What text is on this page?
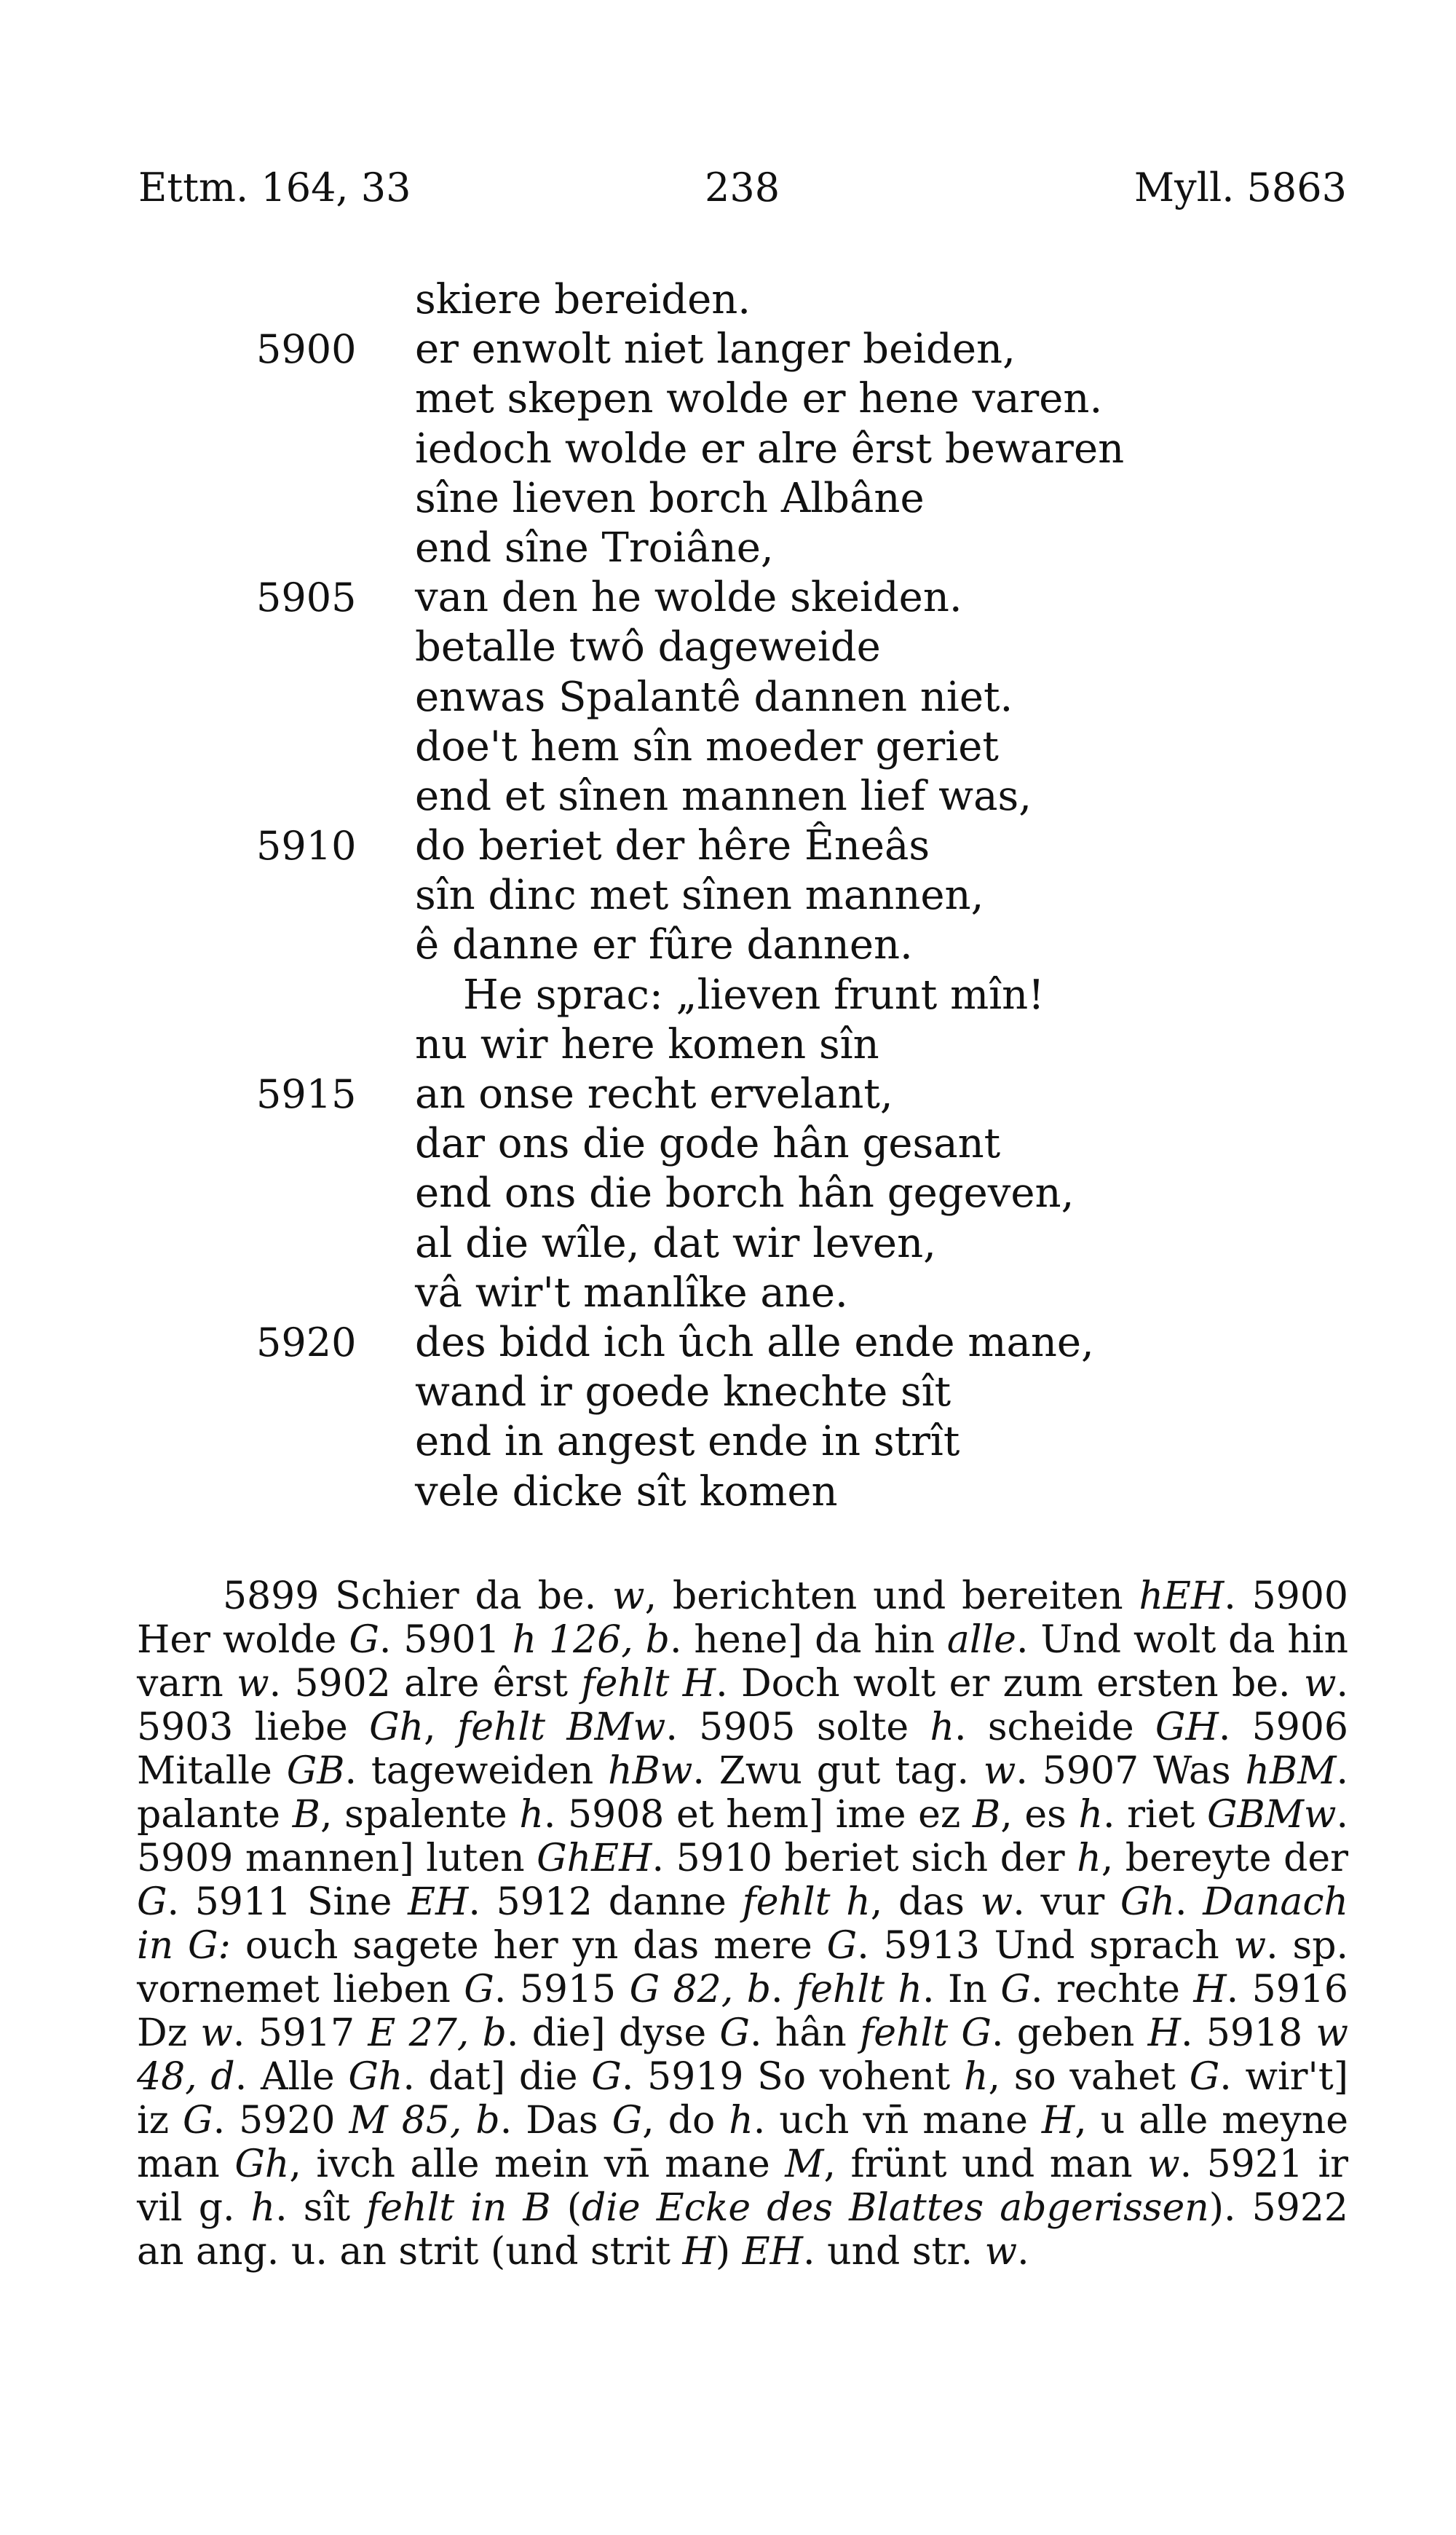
Ettm. 164, 33	238	Myll. 5863
skiere bereiden.
5900 er enwolt niet langer beiden,
met skepen wolde er hene varen.
iedoch wolde er alre êrst bewaren
sîne lieven borch Albâne
end sîne Troiâne,
5905 van den he wolde skeiden.
betalle twô dageweide
enwas Spalantê dannen niet.
doe't hem sîn moeder geriet
end et sînen mannen lief was,
5910 do beriet der hêre Êneâs
sîn dinc met sînen mannen,
ê danne er fûre dannen.
He sprac: „lieven frunt mîn!
nu wir here komen sîn
5915 an onse recht ervelant,
dar ons die gode hân gesant
end ons die borch hân gegeven,
al die wîle, dat wir leven,
vâ wir't manlîke ane.
5920 des bidd ich ûch alle ende mane,
wand ir goede knechte sît
end in angest ende in strît
vele dicke sît komen

5899 Schier da be. w, berichten und bereiten hEH. 5900 Her wolde G. 5901 h 126, b. hene] da hin alle. Und wolt da hin varn w. 5902 alre êrst fehlt H. Doch wolt er zum ersten be. w. 5903 liebe Gh, fehlt BMw. 5905 solte h. scheide GH. 5906 Mitalle GB. tageweiden hBw. Zwu gut tag. w. 5907 Was hBM. palante B, spalente h. 5908 et hem] ime ez B, es h. riet GBMw. 5909 mannen] luten GhEH. 5910 beriet sich der h, bereyte der G. 5911 Sine EH. 5912 danne fehlt h, das w. vur Gh. Danach in G: ouch sagete her yn das mere G. 5913 Und sprach w. sp. vornemet lieben G. 5915 G 82, b. fehlt h. In G. rechte H. 5916 Dz w. 5917 E 27, b. die] dyse G. hân fehlt G. geben H. 5918 w 48, d. Alle Gh. dat] die G. 5919 So vohent h, so vahet G. wir't] iz G. 5920 M 85, b. Das G, do h. uch vn̄ mane H, u alle meyne man Gh, ivch alle mein vn̄ mane M, frünt und man w. 5921 ir vil g. h. sît fehlt in B (die Ecke des Blattes abgerissen). 5922 an ang. u. an strit (und strit H) EH. und str. w.
